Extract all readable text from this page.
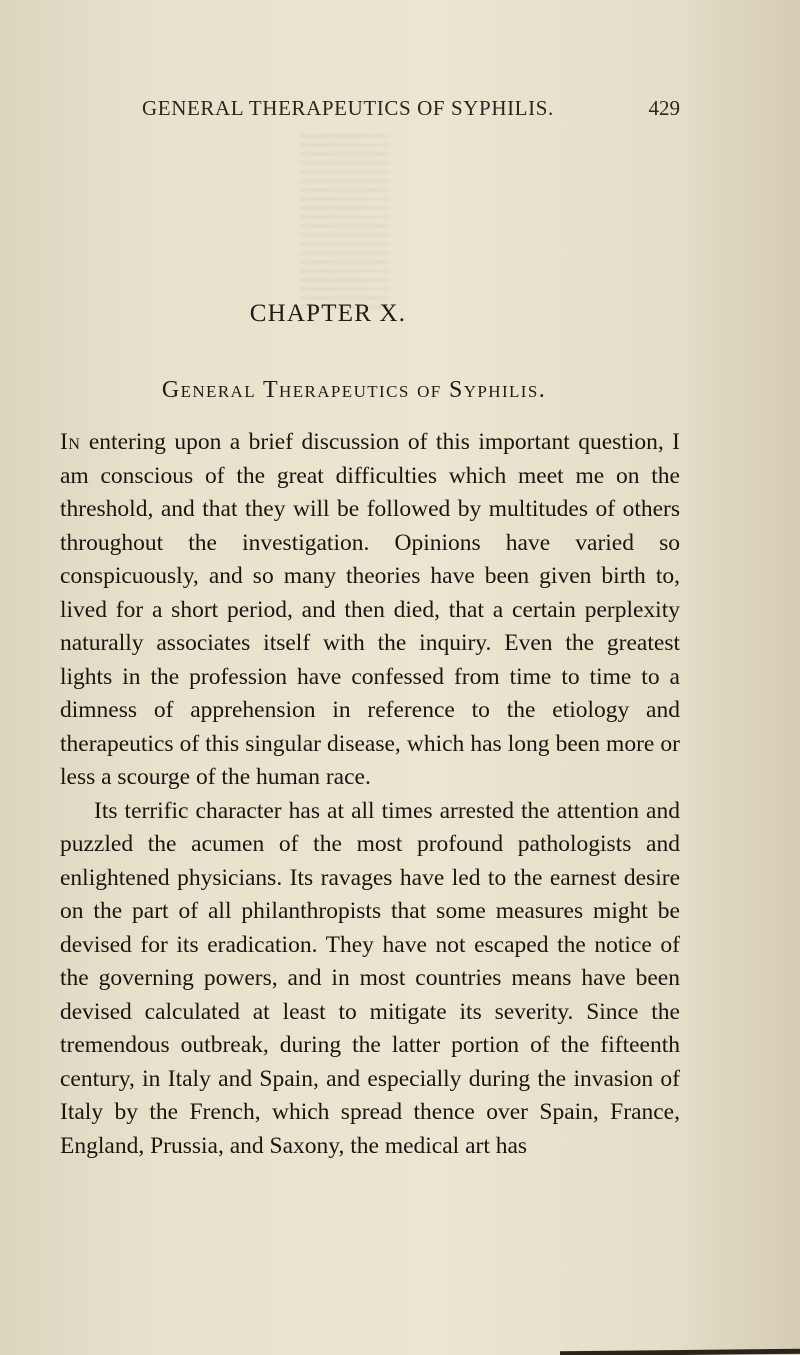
GENERAL THERAPEUTICS OF SYPHILIS.	429
CHAPTER X.
General Therapeutics of Syphilis.

In entering upon a brief discussion of this important question, I am conscious of the great difficulties which meet me on the threshold, and that they will be followed by multitudes of others throughout the investigation. Opinions have varied so conspicuously, and so many theories have been given birth to, lived for a short period, and then died, that a certain perplexity naturally associates itself with the inquiry. Even the greatest lights in the profession have confessed from time to time to a dimness of apprehension in reference to the etiology and therapeutics of this singular disease, which has long been more or less a scourge of the human race.

Its terrific character has at all times arrested the attention and puzzled the acumen of the most profound pathologists and enlightened physicians. Its ravages have led to the earnest desire on the part of all philanthropists that some measures might be devised for its eradication. They have not escaped the notice of the governing powers, and in most countries means have been devised calculated at least to mitigate its severity. Since the tremendous outbreak, during the latter portion of the fifteenth century, in Italy and Spain, and especially during the invasion of Italy by the French, which spread thence over Spain, France, England, Prussia, and Saxony, the medical art has
